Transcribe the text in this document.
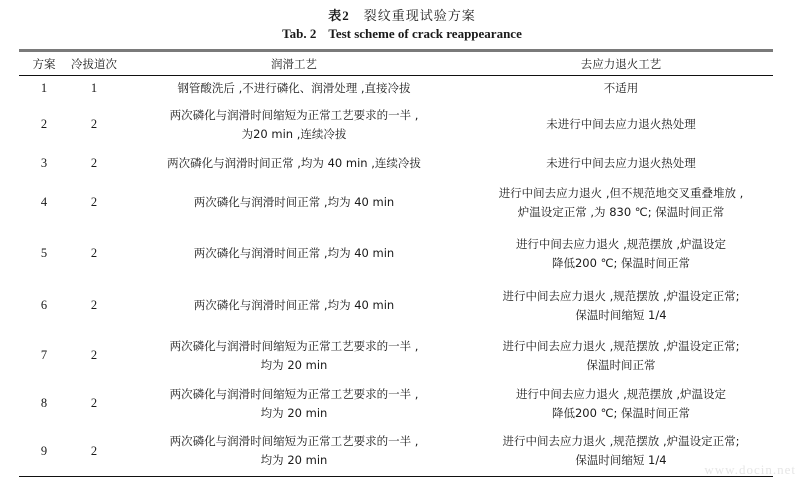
表2 裂纹重现试验方案
Tab. 2 Test scheme of crack reappearance
方案	冷拔道次	润滑工艺	去应力退火工艺
1	1	钢管酸洗后 ,不进行磷化、润滑处理 ,直接冷拔	不适用

2	2	两次磷化与润滑时间缩短为正常工艺要求的一半 ,
为20 min ,连续冷拔	未进行中间去应力退火热处理

3	2	两次磷化与润滑时间正常 ,均为 40 min ,连续冷拔	未进行中间去应力退火热处理

4	2	两次磷化与润滑时间正常 ,均为 40 min	进行中间去应力退火 ,但不规范地交叉重叠堆放 ,
炉温设定正常 ,为 830 ℃; 保温时间正常

5	2	两次磷化与润滑时间正常 ,均为 40 min	进行中间去应力退火 ,规范摆放 ,炉温设定
降低200 ℃; 保温时间正常

6	2	两次磷化与润滑时间正常 ,均为 40 min	进行中间去应力退火 ,规范摆放 ,炉温设定正常;
保温时间缩短 1/4

7	2	两次磷化与润滑时间缩短为正常工艺要求的一半 ,
均为 20 min	进行中间去应力退火 ,规范摆放 ,炉温设定正常;
保温时间正常

8	2	两次磷化与润滑时间缩短为正常工艺要求的一半 ,
均为 20 min	进行中间去应力退火 ,规范摆放 ,炉温设定
降低200 ℃; 保温时间正常

9	2	两次磷化与润滑时间缩短为正常工艺要求的一半 ,
均为 20 min	进行中间去应力退火 ,规范摆放 ,炉温设定正常;
保温时间缩短 1/4
www.docin.net
